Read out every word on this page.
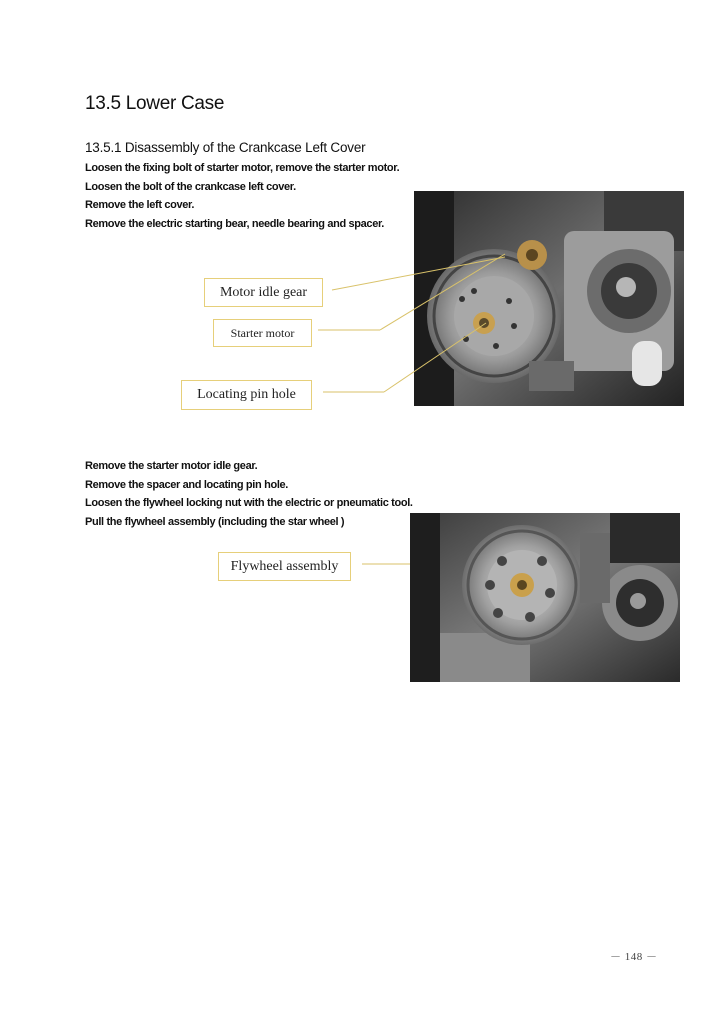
13.5 Lower Case
13.5.1 Disassembly of the Crankcase Left Cover
Loosen the fixing bolt of starter motor, remove the starter motor.
Loosen the bolt of the crankcase left cover.
Remove the left cover.
Remove the electric starting bear, needle bearing and spacer.
Motor idle gear
Starter motor
Locating pin hole
Remove the starter motor idle gear.
Remove the spacer and locating pin hole.
Loosen the flywheel locking nut with the electric or pneumatic tool.
Pull the flywheel assembly (including the star wheel )
Flywheel assembly
－ 148 －
